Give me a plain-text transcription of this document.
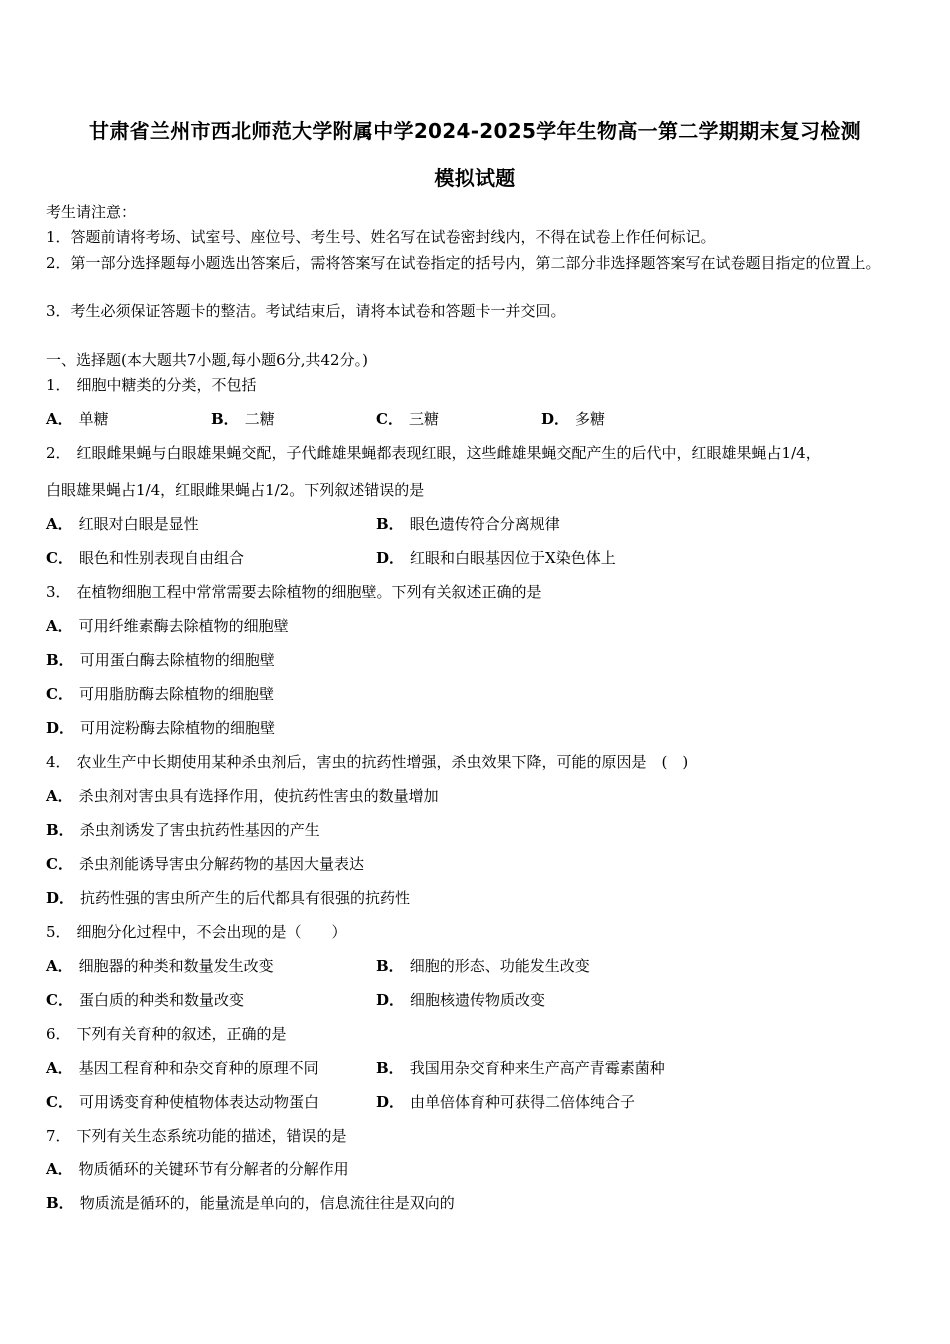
甘肃省兰州市西北师范大学附属中学2024-2025学年生物高一第二学期期末复习检测
模拟试题
考生请注意：
1．答题前请将考场、试室号、座位号、考生号、姓名写在试卷密封线内，不得在试卷上作任何标记。
2．第一部分选择题每小题选出答案后，需将答案写在试卷指定的括号内，第二部分非选择题答案写在试卷题目指定的位置上。
3．考生必须保证答题卡的整洁。考试结束后，请将本试卷和答题卡一并交回。
一、选择题(本大题共7小题,每小题6分,共42分。)
1． 细胞中糖类的分类，不包括
A． 单糖	B． 二糖	C． 三糖	D． 多糖
2． 红眼雌果蝇与白眼雄果蝇交配，子代雌雄果蝇都表现红眼，这些雌雄果蝇交配产生的后代中，红眼雄果蝇占1/4，
白眼雄果蝇占1/4，红眼雌果蝇占1/2。下列叙述错误的是
A． 红眼对白眼是显性	B． 眼色遗传符合分离规律
C． 眼色和性别表现自由组合	D． 红眼和白眼基因位于X染色体上
3． 在植物细胞工程中常常需要去除植物的细胞壁。下列有关叙述正确的是
A． 可用纤维素酶去除植物的细胞壁
B． 可用蛋白酶去除植物的细胞壁
C． 可用脂肪酶去除植物的细胞壁
D． 可用淀粉酶去除植物的细胞壁
4． 农业生产中长期使用某种杀虫剂后，害虫的抗药性增强，杀虫效果下降，可能的原因是　(　)
A． 杀虫剂对害虫具有选择作用，使抗药性害虫的数量增加
B． 杀虫剂诱发了害虫抗药性基因的产生
C． 杀虫剂能诱导害虫分解药物的基因大量表达
D． 抗药性强的害虫所产生的后代都具有很强的抗药性
5． 细胞分化过程中，不会出现的是（　　）
A． 细胞器的种类和数量发生改变	B． 细胞的形态、功能发生改变
C． 蛋白质的种类和数量改变	D． 细胞核遗传物质改变
6． 下列有关育种的叙述，正确的是
A． 基因工程育种和杂交育种的原理不同	B． 我国用杂交育种来生产高产青霉素菌种
C． 可用诱变育种使植物体表达动物蛋白	D． 由单倍体育种可获得二倍体纯合子
7． 下列有关生态系统功能的描述，错误的是
A． 物质循环的关键环节有分解者的分解作用
B． 物质流是循环的，能量流是单向的，信息流往往是双向的
